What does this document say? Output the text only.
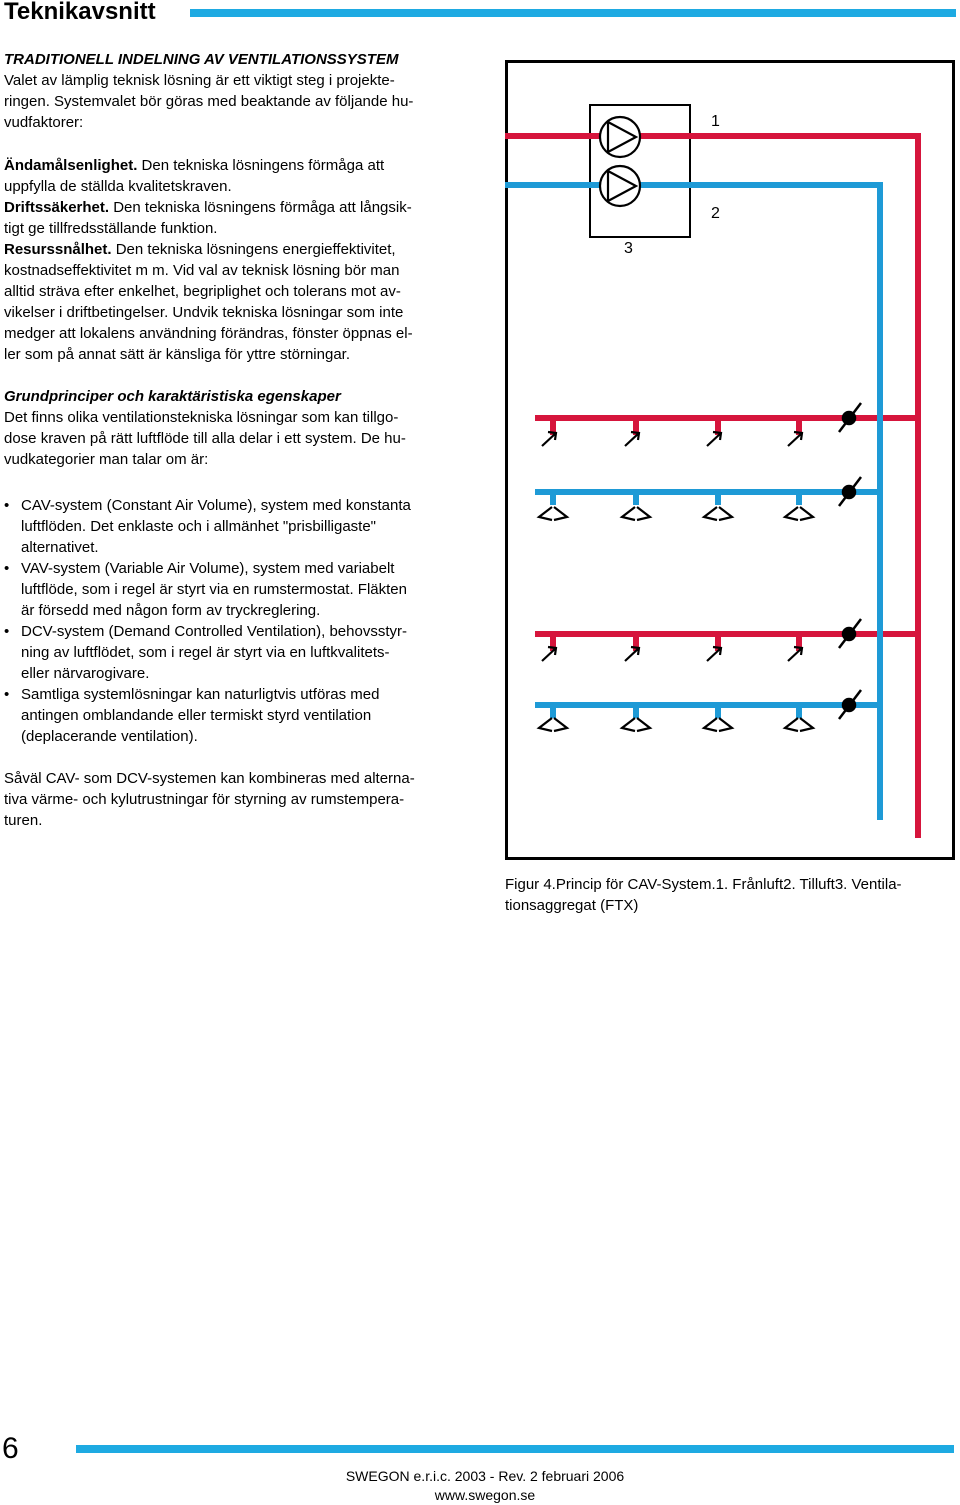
Teknikavsnitt

TRADITIONELL INDELNING AV VENTILATIONSSYSTEM

Valet av lämplig teknisk lösning är ett viktigt steg i projekte-

ringen. Systemvalet bör göras med beaktande av följande hu-

vudfaktorer:

Ändamålsenlighet. Den tekniska lösningens förmåga att

uppfylla de ställda kvalitetskraven.

Driftssäkerhet. Den tekniska lösningens förmåga att långsik-

tigt ge tillfredsställande funktion.

Resurssnålhet. Den tekniska lösningens energieffektivitet,

kostnadseffektivitet m m. Vid val av teknisk lösning bör man

alltid sträva efter enkelhet, begriplighet och tolerans mot av-

vikelser i driftbetingelser. Undvik tekniska lösningar som inte

medger att lokalens användning förändras, fönster öppnas el-

ler som på annat sätt är känsliga för yttre störningar.

Grundprinciper och karaktäristiska egenskaper

Det finns olika ventilationstekniska lösningar som kan tillgo-

dose kraven på rätt luftflöde till alla delar i ett system. De hu-

vudkategorier man talar om är:

• CAV-system (Constant Air Volume), system med konstanta
luftflöden. Det enklaste och i allmänhet "prisbilligaste"
alternativet.
• VAV-system (Variable Air Volume), system med variabelt
luftflöde, som i regel är styrt via en rumstermostat. Fläkten
är försedd med någon form av tryckreglering.
• DCV-system (Demand Controlled Ventilation), behovsstyr-
ning av luftflödet, som i regel är styrt via en luftkvalitets-
eller närvarogivare.
• Samtliga systemlösningar kan naturligtvis utföras med
antingen omblandande eller termiskt styrd ventilation
(deplacerande ventilation).

Såväl CAV- som DCV-systemen kan kombineras med alterna-

tiva värme- och kylutrustningar för styrning av rumstempera-

turen.

1
2
3
Figur 4.Princip för CAV-System.1. Frånluft2. Tilluft3. Ventila-
tionsaggregat (FTX)
6
SWEGON e.r.i.c. 2003 - Rev. 2 februari 2006
www.swegon.se
